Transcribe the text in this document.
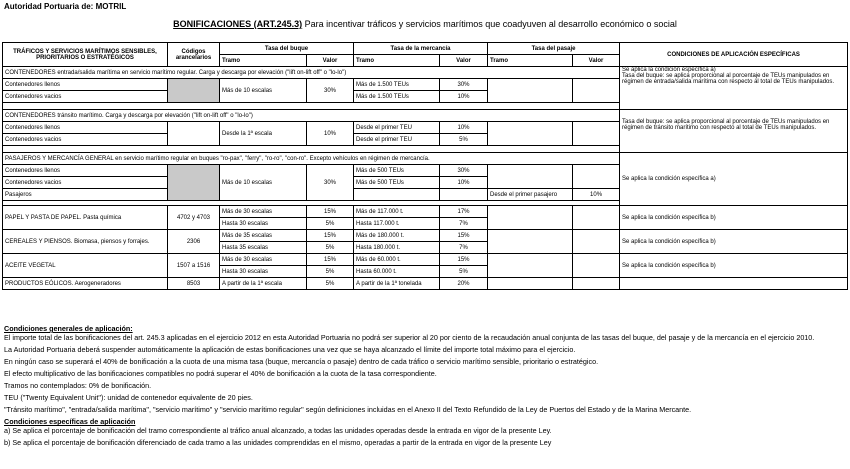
Autoridad Portuaria de: MOTRIL
BONIFICACIONES (ART.245.3) Para incentivar tráficos y servicios marítimos que coadyuven al desarrollo económico o social
TRÁFICOS Y SERVICIOS MARÍTIMOS SENSIBLES, PRIORITARIOS O ESTRATÉGICOS	Códigos arancelarios	Tasa del buque		Tasa de la mercancía		Tasa del pasaje		CONDICIONES DE APLICACIÓN ESPECÍFICAS
		Tramo	Valor	Tramo	Valor	Tramo	Valor	
CONTENEDORES entrada/salida marítima en servicio marítimo regular. Carga y descarga por elevación ("lift on-lift off" o "lo-lo")								Se aplica la condición específica a)
Tasa del buque: se aplica proporcional al porcentaje de TEUs manipulados en régimen de entrada/salida marítima con respecto al total de TEUs manipulados.

Contenedores llenos		Más de 10 escalas	30%	Más de 1.500 TEUs	30%			
Contenedores vacios				Más de 1.500 TEUs	10%			

CONTENEDORES tránsito marítimo. Carga y descarga por elevación ("lift on-lift off" o "lo-lo")								Tasa del buque: se aplica proporcional al porcentaje de TEUs manipulados en régimen de tránsito marítimo con respecto al total de TEUs manipulados.

Contenedores llenos		Desde la 1ª escala	10%	Desde el primer TEU	10%			
Contenedores vacios				Desde el primer TEU	5%			

PASAJEROS Y MERCANCÍA GENERAL en servicio marítimo regular en buques "ro-pax", "ferry", "ro-ro", "con-ro". Excepto vehículos en régimen de mercancía.								Se aplica la condición específica a)
Contenedores llenos		Más de 10 escalas	30%	Más de 500 TEUs	30%			
Contenedores vacios				Más de 500 TEUs	10%			
Pasajeros						Desde el primer pasajero	10%	

PAPEL Y PASTA DE PAPEL. Pasta química	4702 y 4703	Más de 30 escalas	15%	Más de 117.000 t.	17%			Se aplica la condición específica b)
		Hasta 30 escalas	5%	Hasta 117.000 t.	7%			
CEREALES Y PIENSOS. Biomasa, piensos y forrajes.	2306	Más de 35 escalas	15%	Más de 180.000 t.	15%			Se aplica la condición específica b)
		Hasta 35 escalas	5%	Hasta 180.000 t.	7%			
ACEITE VEGETAL	1507 a 1516	Más de 30 escalas	15%	Más de 60.000 t.	15%			Se aplica la condición específica b)
		Hasta 30 escalas	5%	Hasta 60.000 t.	5%			
PRODUCTOS EÓLICOS. Aerogeneradores	8503	A partir de la 1ª escala	5%	A partir de la 1ª tonelada	20%			

Condiciones generales de aplicación:

El importe total de las bonificaciones del art. 245.3 aplicadas en el ejercicio 2012 en esta Autoridad Portuaria no podrá ser superior al 20 por ciento de la recaudación anual conjunta de las tasas del buque, del pasaje y de la mercancía en el ejercicio 2010.

La Autoridad Portuaria deberá suspender automáticamente la aplicación de estas bonificaciones una vez que se haya alcanzado el límite del importe total máximo para el ejercicio.

En ningún caso se superará el 40% de bonificación a la cuota de una misma tasa (buque, mercancía o pasaje) dentro de cada tráfico o servicio marítimo sensible, prioritario o estratégico.

El efecto multiplicativo de las bonificaciones compatibles no podrá superar el 40% de bonificación a la cuota de la tasa correspondiente.

Tramos no contemplados: 0% de bonificación.

TEU ("Twenty Equivalent Unit"): unidad de contenedor equivalente de 20 pies.

"Tránsito marítimo", "entrada/salida marítima", "servicio marítimo" y "servicio marítimo regular" según definiciones incluidas en el Anexo II del Texto Refundido de la Ley de Puertos del Estado y de la Marina Mercante.

Condiciones específicas de aplicación

a) Se aplica el porcentaje de bonificación del tramo correspondiente al tráfico anual alcanzado, a todas las unidades operadas desde la entrada en vigor de la presente Ley.

b) Se aplica el porcentaje de bonificación diferenciado de cada tramo a las unidades comprendidas en el mismo, operadas a partir de la entrada en vigor de la presente Ley
